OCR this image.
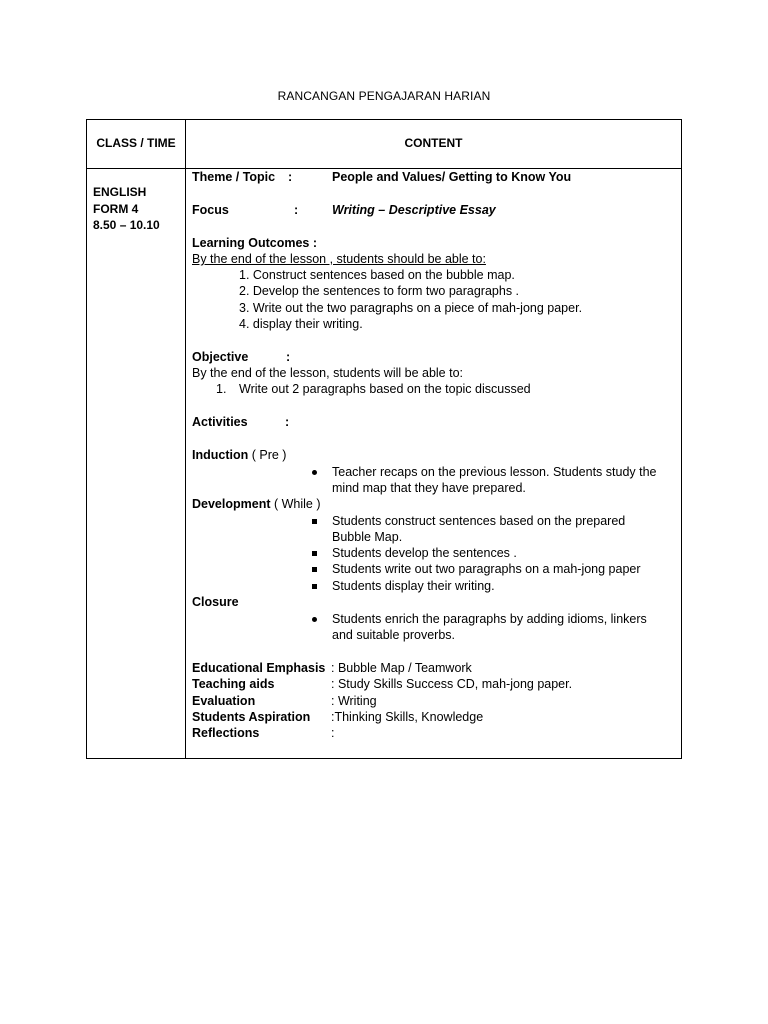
RANCANGAN PENGAJARAN HARIAN
CLASS / TIME	CONTENT
ENGLISH
FORM 4
8.50 – 10.10
Theme / Topic :	People and Values/ Getting to Know You
Focus	:	Writing – Descriptive Essay
Learning Outcomes :
By the end of the lesson , students should be able to:
1. Construct sentences based on the bubble map.
2. Develop the sentences to form two paragraphs .
3. Write out the two paragraphs on a piece of mah-jong paper.
4. display their writing.
Objective	:
By the end of the lesson, students will be able to:
1. Write out 2 paragraphs based on the topic discussed
Activities	:
Induction ( Pre )
Teacher recaps on the previous lesson. Students study the
mind map that they have prepared.
Development ( While )
Students construct sentences based on the prepared
Bubble Map.
Students develop the sentences .
Students write out two paragraphs on a mah-jong paper
Students display their writing.
Closure
Students enrich the paragraphs by adding idioms, linkers
and suitable proverbs.
Educational Emphasis : Bubble Map / Teamwork
Teaching aids	: Study Skills Success CD, mah-jong paper.
Evaluation	: Writing
Students Aspiration :Thinking Skills, Knowledge
Reflections	:
